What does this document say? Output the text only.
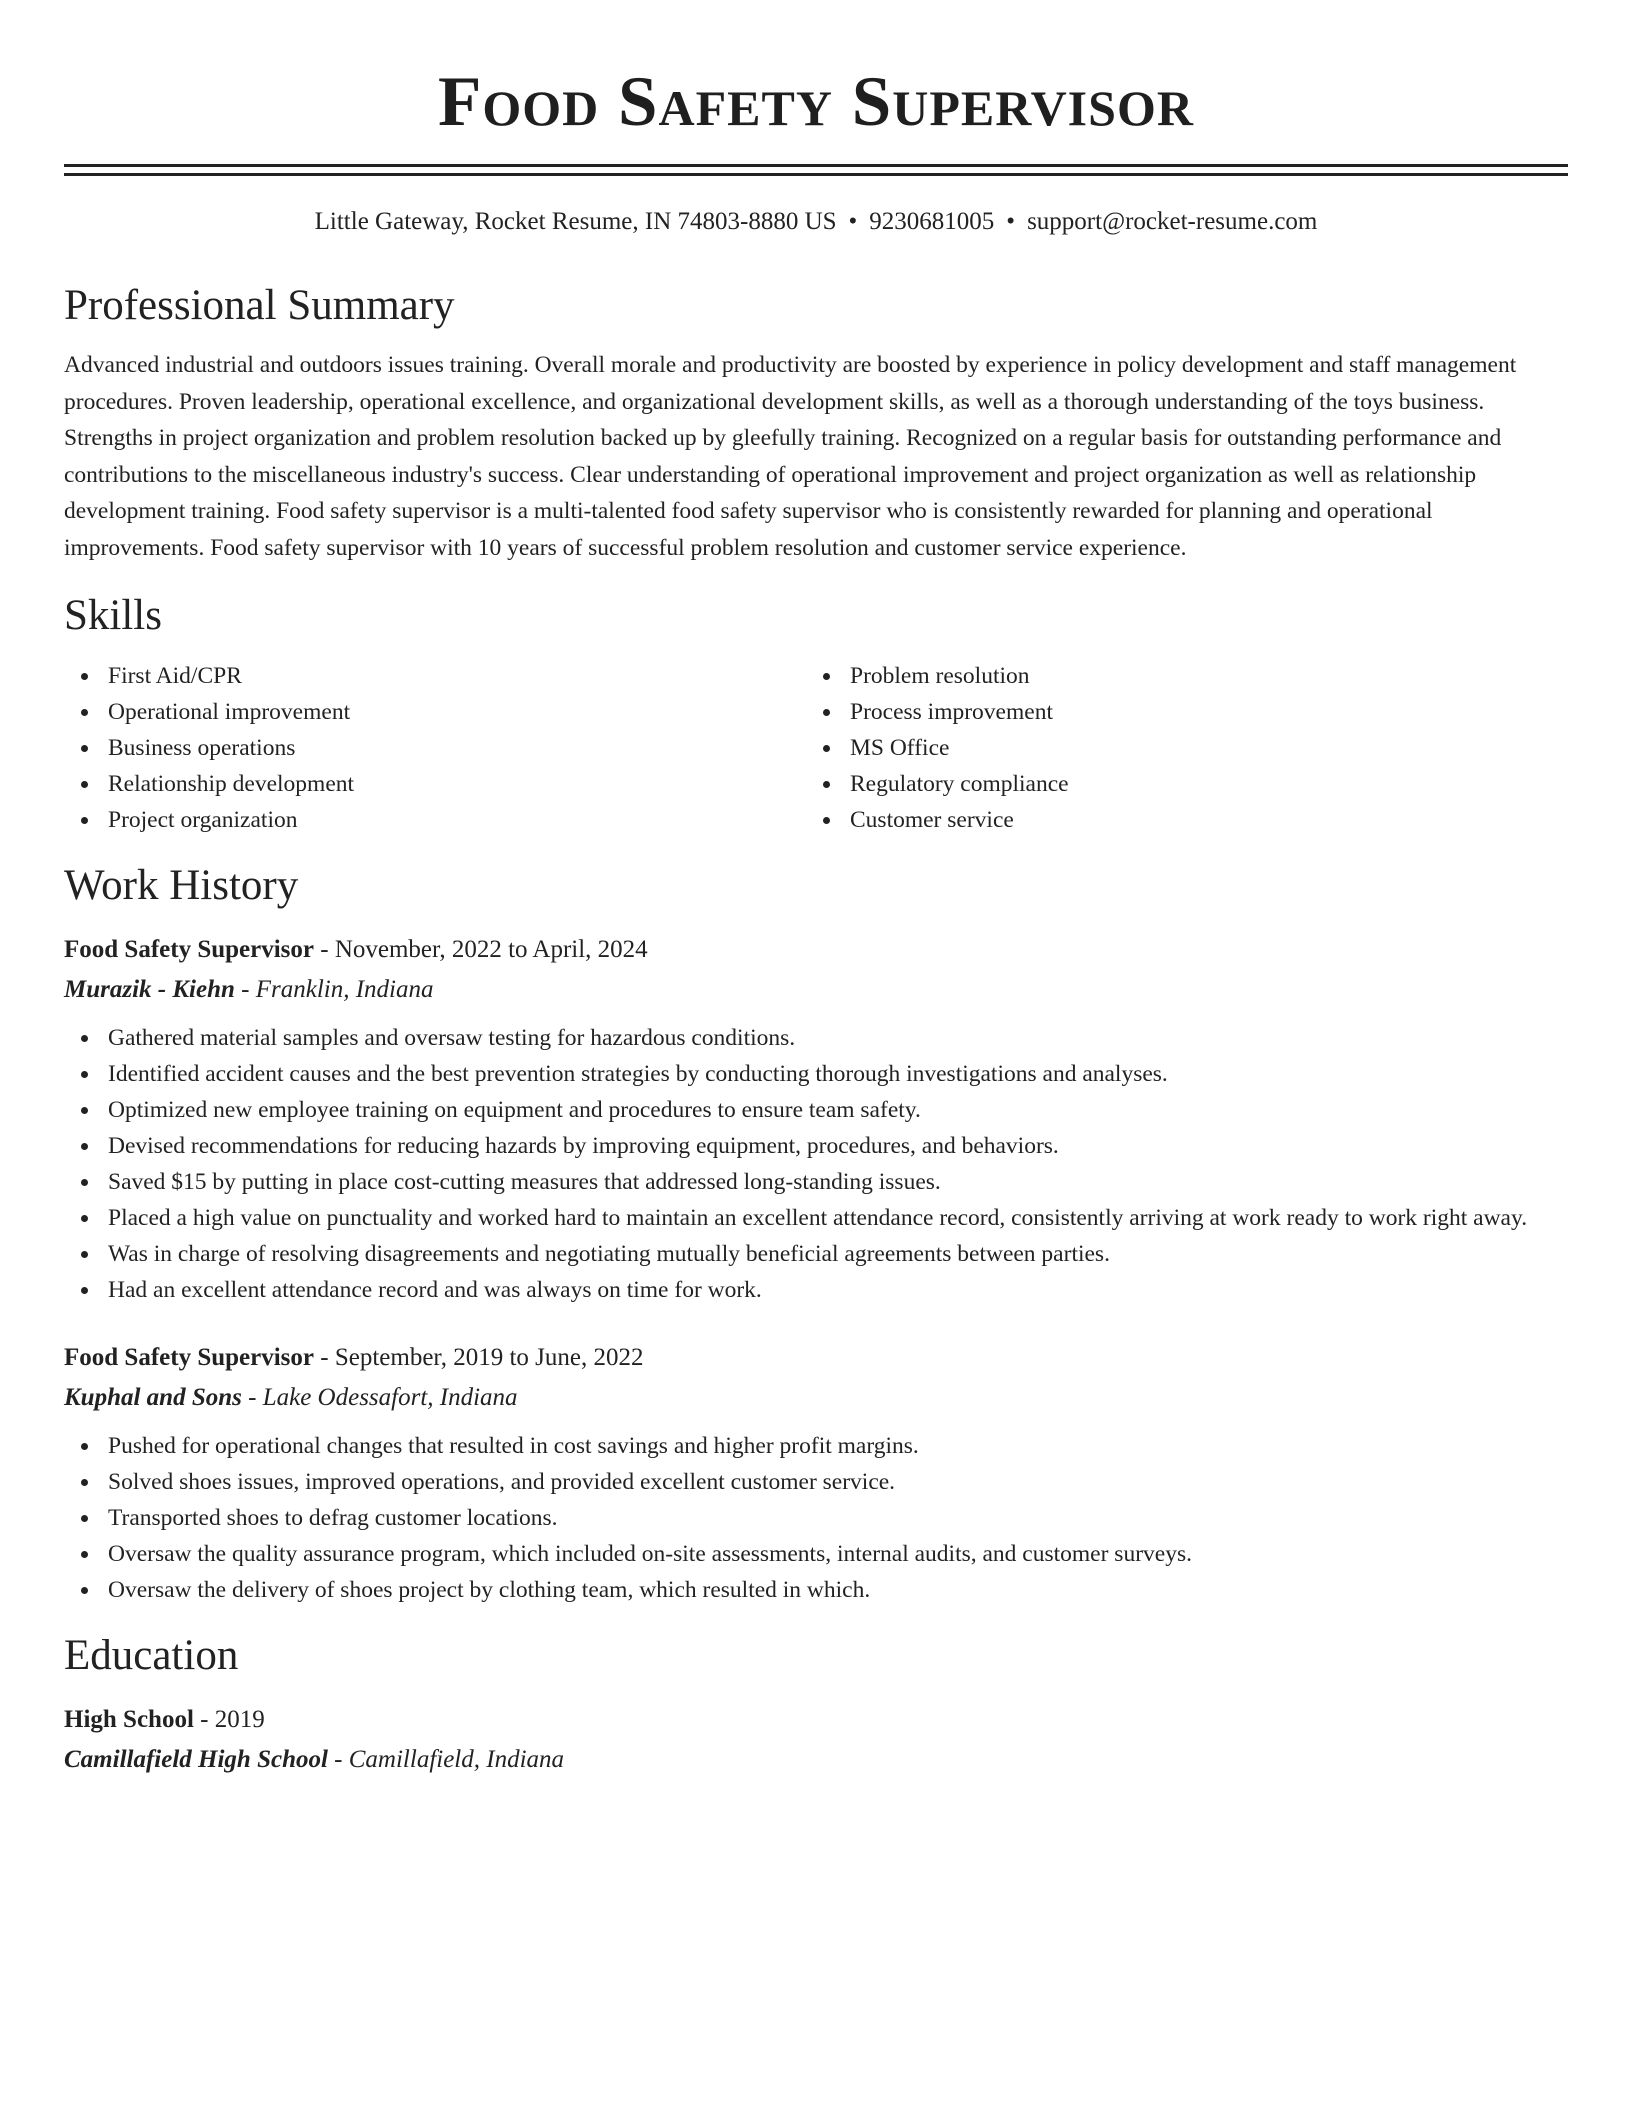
Food Safety Supervisor
Little Gateway, Rocket Resume, IN 74803-8880 US • 9230681005 • support@rocket-resume.com
Professional Summary

Advanced industrial and outdoors issues training. Overall morale and productivity are boosted by experience in policy development and staff management procedures. Proven leadership, operational excellence, and organizational development skills, as well as a thorough understanding of the toys business. Strengths in project organization and problem resolution backed up by gleefully training. Recognized on a regular basis for outstanding performance and contributions to the miscellaneous industry's success. Clear understanding of operational improvement and project organization as well as relationship development training. Food safety supervisor is a multi-talented food safety supervisor who is consistently rewarded for planning and operational improvements. Food safety supervisor with 10 years of successful problem resolution and customer service experience.

Skills
First Aid/CPR
Operational improvement
Business operations
Relationship development
Project organization
Problem resolution
Process improvement
MS Office
Regulatory compliance
Customer service
Work History
Food Safety Supervisor - November, 2022 to April, 2024
Murazik - Kiehn - Franklin, Indiana
Gathered material samples and oversaw testing for hazardous conditions.
Identified accident causes and the best prevention strategies by conducting thorough investigations and analyses.
Optimized new employee training on equipment and procedures to ensure team safety.
Devised recommendations for reducing hazards by improving equipment, procedures, and behaviors.
Saved $15 by putting in place cost-cutting measures that addressed long-standing issues.
Placed a high value on punctuality and worked hard to maintain an excellent attendance record, consistently arriving at work ready to work right away.
Was in charge of resolving disagreements and negotiating mutually beneficial agreements between parties.
Had an excellent attendance record and was always on time for work.
Food Safety Supervisor - September, 2019 to June, 2022
Kuphal and Sons - Lake Odessafort, Indiana
Pushed for operational changes that resulted in cost savings and higher profit margins.
Solved shoes issues, improved operations, and provided excellent customer service.
Transported shoes to defrag customer locations.
Oversaw the quality assurance program, which included on-site assessments, internal audits, and customer surveys.
Oversaw the delivery of shoes project by clothing team, which resulted in which.
Education
High School - 2019
Camillafield High School - Camillafield, Indiana
